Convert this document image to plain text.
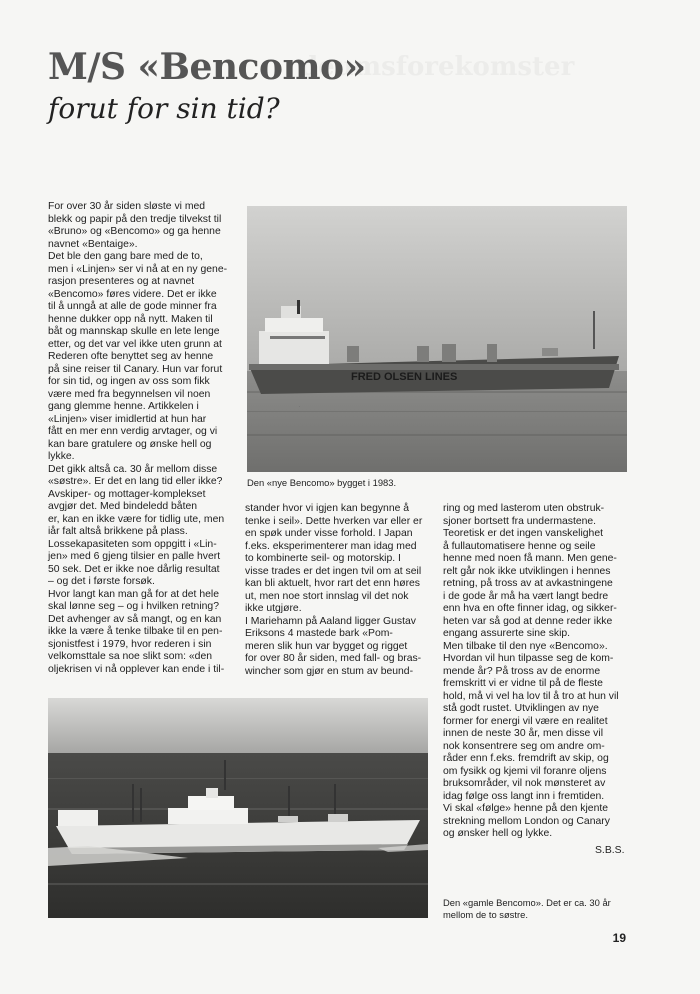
deumsforekomster
M/S «Bencomo»
forut for sin tid?
For over 30 år siden sløste vi med
blekk og papir på den tredje tilvekst til
«Bruno» og «Bencomo» og ga henne
navnet «Bentaige».
Det ble den gang bare med de to,
men i «Linjen» ser vi nå at en ny gene-
rasjon presenteres og at navnet
«Bencomo» føres videre. Det er ikke
til å unngå at alle de gode minner fra
henne dukker opp nå nytt. Maken til
båt og mannskap skulle en lete lenge
etter, og det var vel ikke uten grunn at
Rederen ofte benyttet seg av henne
på sine reiser til Canary. Hun var forut
for sin tid, og ingen av oss som fikk
være med fra begynnelsen vil noen
gang glemme henne. Artikkelen i
«Linjen» viser imidlertid at hun har
fått en mer enn verdig arvtager, og vi
kan bare gratulere og ønske hell og
lykke.
Det gikk altså ca. 30 år mellom disse
«søstre». Er det en lang tid eller ikke?
Avskiper- og mottager-komplekset
avgjør det. Med bindeledd båten
er, kan en ikke være for tidlig ute, men
iår falt altså brikkene på plass.
Lossekapasiteten som oppgitt i «Lin-
jen» med 6 gjeng tilsier en palle hvert
50 sek. Det er ikke noe dårlig resultat
– og det i første forsøk.
Hvor langt kan man gå for at det hele
skal lønne seg – og i hvilken retning?
Det avhenger av så mangt, og en kan
ikke la være å tenke tilbake til en pen-
sjonistfest i 1979, hvor rederen i sin
velkomsttale sa noe slikt som: «den
oljekrisen vi nå opplever kan ende i til-
stander hvor vi igjen kan begynne å
tenke i seil». Dette hverken var eller er
en spøk under visse forhold. I Japan
f.eks. eksperimenterer man idag med
to kombinerte seil- og motorskip. I
visse trades er det ingen tvil om at seil
kan bli aktuelt, hvor rart det enn høres
ut, men noe stort innslag vil det nok
ikke utgjøre.
I Mariehamn på Aaland ligger Gustav
Eriksons 4 mastede bark «Pom-
meren slik hun var bygget og rigget
for over 80 år siden, med fall- og bras-
wincher som gjør en stum av beund-
ring og med lasterom uten obstruk-
sjoner bortsett fra undermastene.
Teoretisk er det ingen vanskelighet
å fullautomatisere henne og seile
henne med noen få mann. Men gene-
relt går nok ikke utviklingen i hennes
retning, på tross av at avkastningene
i de gode år må ha vært langt bedre
enn hva en ofte finner idag, og sikker-
heten var så god at denne reder ikke
engang assurerte sine skip.
Men tilbake til den nye «Bencomo».
Hvordan vil hun tilpasse seg de kom-
mende år? På tross av de enorme
fremskritt vi er vidne til på de fleste
hold, må vi vel ha lov til å tro at hun vil
stå godt rustet. Utviklingen av nye
former for energi vil være en realitet
innen de neste 30 år, men disse vil
nok konsentrere seg om andre om-
råder enn f.eks. fremdrift av skip, og
om fysikk og kjemi vil foranre oljens
bruksområder, vil nok mønsteret av
idag følge oss langt inn i fremtiden.
Vi skal «følge» henne på den kjente
strekning mellom London og Canary
og ønsker hell og lykke.
S.B.S.
FRED OLSEN LINES
Den «nye Bencomo» bygget i 1983.
Den «gamle Bencomo». Det er ca. 30 år
mellom de to søstre.
19
